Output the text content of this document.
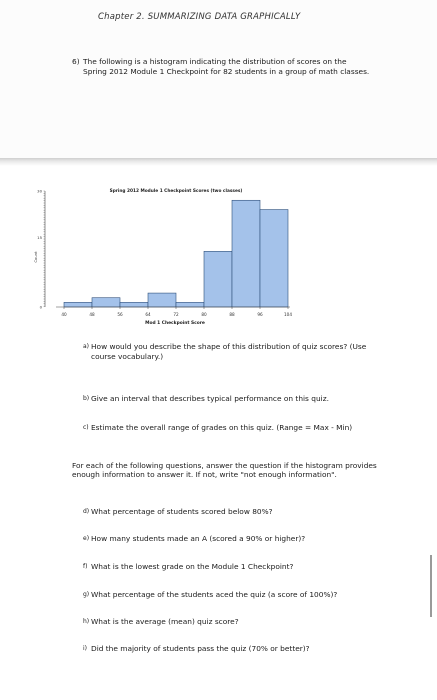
Chapter 2. SUMMARIZING DATA GRAPHICALLY
6) The following is a histogram indicating the distribution of scores on the Spring 2012 Module 1 Checkpoint for 82 students in a group of math classes.
Spring 2012 Module 1 Checkpoint Scores (two classes)
Count
Mod 1 Checkpoint Score
40	48	56	64	72	80	88	96	104
0
15
30
a) How would you describe the shape of this distribution of quiz scores? (Use course vocabulary.)
b) Give an interval that describes typical performance on this quiz.
c) Estimate the overall range of grades on this quiz. (Range = Max - Min)
For each of the following questions, answer the question if the histogram provides enough information to answer it. If not, write "not enough information".
d) What percentage of students scored below 80%?
e) How many students made an A (scored a 90% or higher)?
f) What is the lowest grade on the Module 1 Checkpoint?
g) What percentage of the students aced the quiz (a score of 100%)?
h) What is the average (mean) quiz score?
i) Did the majority of students pass the quiz (70% or better)?
